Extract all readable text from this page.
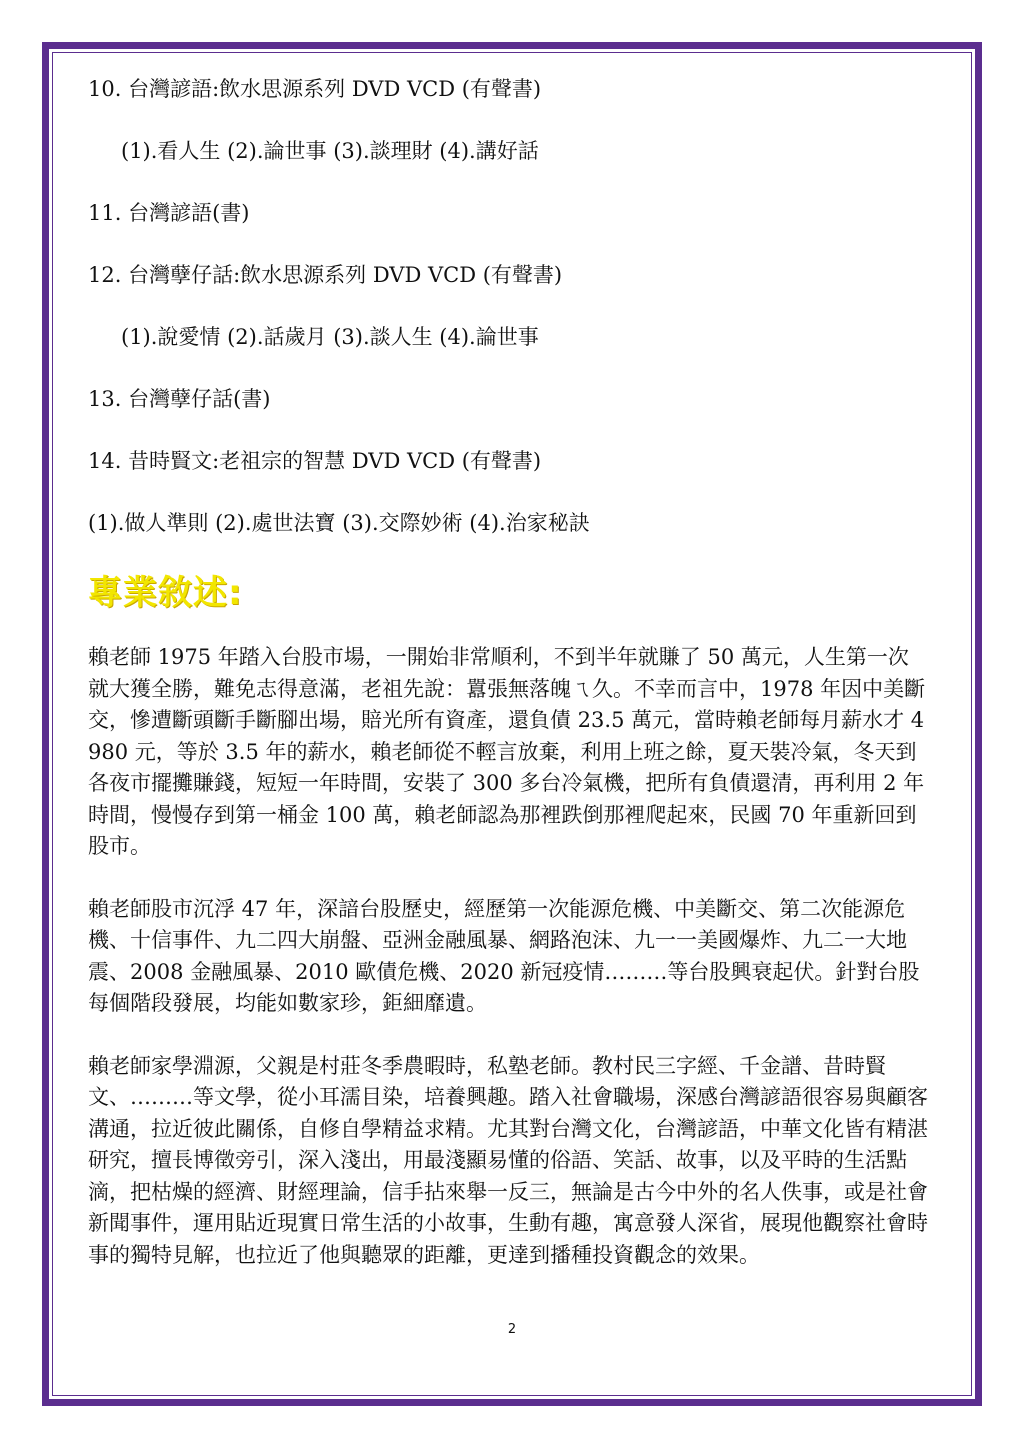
10. 台灣諺語:飲水思源系列 DVD VCD (有聲書)
(1).看人生 (2).論世事 (3).談理財 (4).講好話
11. 台灣諺語(書)
12. 台灣孽仔話:飲水思源系列 DVD VCD (有聲書)
(1).說愛情 (2).話歲月 (3).談人生 (4).論世事
13. 台灣孽仔話(書)
14. 昔時賢文:老祖宗的智慧 DVD VCD (有聲書)
(1).做人準則 (2).處世法寶 (3).交際妙術 (4).治家秘訣
專業敘述:

賴老師 1975 年踏入台股市場，一開始非常順利，不到半年就賺了 50 萬元，人生第一次就大獲全勝，難免志得意滿，老祖先說：囂張無落魄ㄟ久。不幸而言中，1978 年因中美斷交，慘遭斷頭斷手斷腳出場，賠光所有資產，還負債 23.5 萬元，當時賴老師每月薪水才 4980 元，等於 3.5 年的薪水，賴老師從不輕言放棄，利用上班之餘，夏天裝冷氣，冬天到各夜市擺攤賺錢，短短一年時間，安裝了 300 多台冷氣機，把所有負債還清，再利用 2 年時間，慢慢存到第一桶金 100 萬，賴老師認為那裡跌倒那裡爬起來，民國 70 年重新回到股市。

賴老師股市沉浮 47 年，深諳台股歷史，經歷第一次能源危機、中美斷交、第二次能源危機、十信事件、九二四大崩盤、亞洲金融風暴、網路泡沫、九一一美國爆炸、九二一大地震、2008 金融風暴、2010 歐債危機、2020 新冠疫情………等台股興衰起伏。針對台股每個階段發展，均能如數家珍，鉅細靡遺。

賴老師家學淵源，父親是村莊冬季農暇時，私塾老師。教村民三字經、千金譜、昔時賢文、………等文學，從小耳濡目染，培養興趣。踏入社會職場，深感台灣諺語很容易與顧客溝通，拉近彼此關係，自修自學精益求精。尤其對台灣文化，台灣諺語，中華文化皆有精湛研究，擅長博徵旁引，深入淺出，用最淺顯易懂的俗語、笑話、故事，以及平時的生活點滴，把枯燥的經濟、財經理論，信手拈來舉一反三，無論是古今中外的名人佚事，或是社會新聞事件，運用貼近現實日常生活的小故事，生動有趣，寓意發人深省，展現他觀察社會時事的獨特見解，也拉近了他與聽眾的距離，更達到播種投資觀念的效果。

2
